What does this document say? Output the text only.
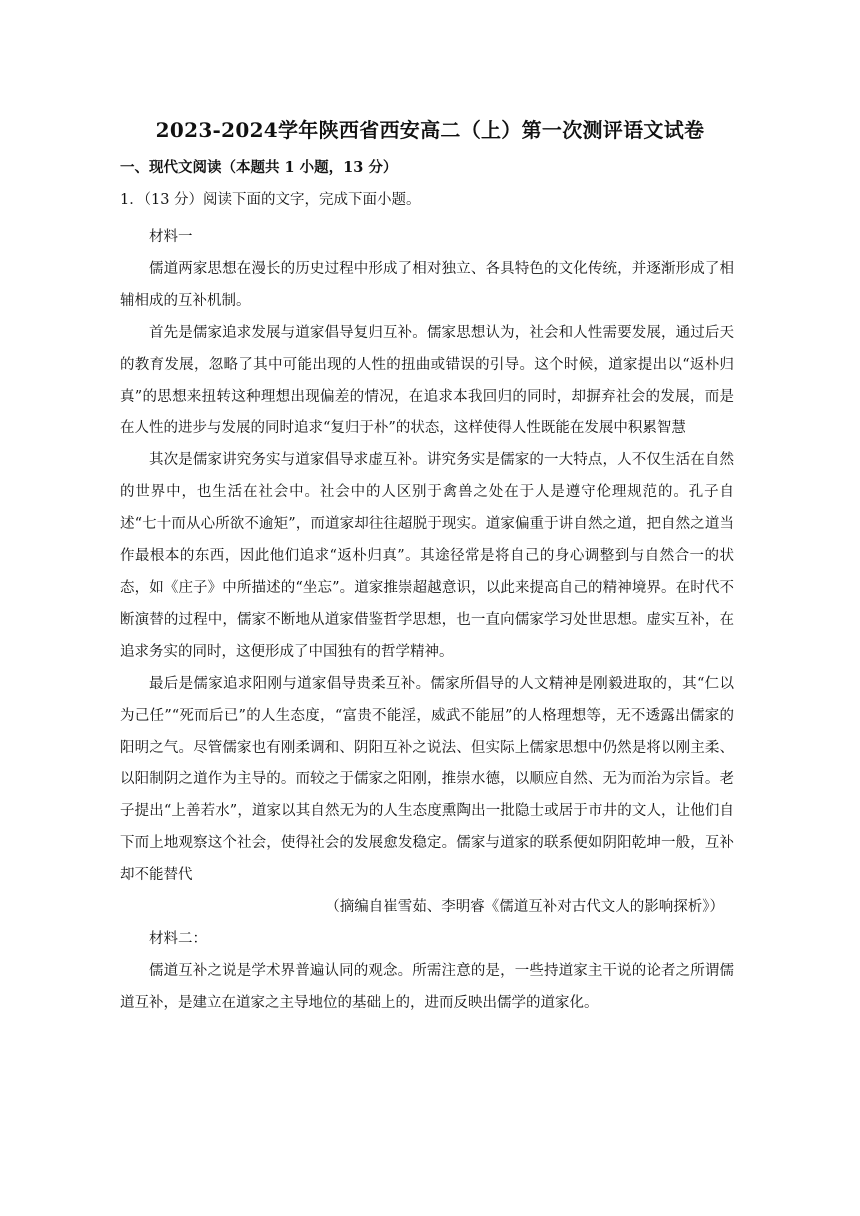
2023-2024学年陕西省西安高二（上）第一次测评语文试卷
一、现代文阅读（本题共 1 小题，13 分）
1．（13 分）阅读下面的文字，完成下面小题。

材料一

儒道两家思想在漫长的历史过程中形成了相对独立、各具特色的文化传统，并逐渐形成了相辅相成的互补机制。

首先是儒家追求发展与道家倡导复归互补。儒家思想认为，社会和人性需要发展，通过后天的教育发展，忽略了其中可能出现的人性的扭曲或错误的引导。这个时候，道家提出以“返朴归真”的思想来扭转这种理想出现偏差的情况，在追求本我回归的同时，却摒弃社会的发展，而是在人性的进步与发展的同时追求“复归于朴”的状态，这样使得人性既能在发展中积累智慧

其次是儒家讲究务实与道家倡导求虚互补。讲究务实是儒家的一大特点，人不仅生活在自然的世界中，也生活在社会中。社会中的人区别于禽兽之处在于人是遵守伦理规范的。孔子自述“七十而从心所欲不逾矩”，而道家却往往超脱于现实。道家偏重于讲自然之道，把自然之道当作最根本的东西，因此他们追求“返朴归真”。其途径常是将自己的身心调整到与自然合一的状态，如《庄子》中所描述的“坐忘”。道家推崇超越意识，以此来提高自己的精神境界。在时代不断演替的过程中，儒家不断地从道家借鉴哲学思想，也一直向儒家学习处世思想。虚实互补，在追求务实的同时，这便形成了中国独有的哲学精神。

最后是儒家追求阳刚与道家倡导贵柔互补。儒家所倡导的人文精神是刚毅进取的，其“仁以为己任”“死而后已”的人生态度，“富贵不能淫，威武不能屈”的人格理想等，无不透露出儒家的阳明之气。尽管儒家也有刚柔调和、阴阳互补之说法、但实际上儒家思想中仍然是将以刚主柔、以阳制阴之道作为主导的。而较之于儒家之阳刚，推崇水德，以顺应自然、无为而治为宗旨。老子提出“上善若水”，道家以其自然无为的人生态度熏陶出一批隐士或居于市井的文人，让他们自下而上地观察这个社会，使得社会的发展愈发稳定。儒家与道家的联系便如阴阳乾坤一般，互补却不能替代

（摘编自崔雪茹、李明睿《儒道互补对古代文人的影响探析》）

材料二：

儒道互补之说是学术界普遍认同的观念。所需注意的是，一些持道家主干说的论者之所谓儒道互补，是建立在道家之主导地位的基础上的，进而反映出儒学的道家化。
